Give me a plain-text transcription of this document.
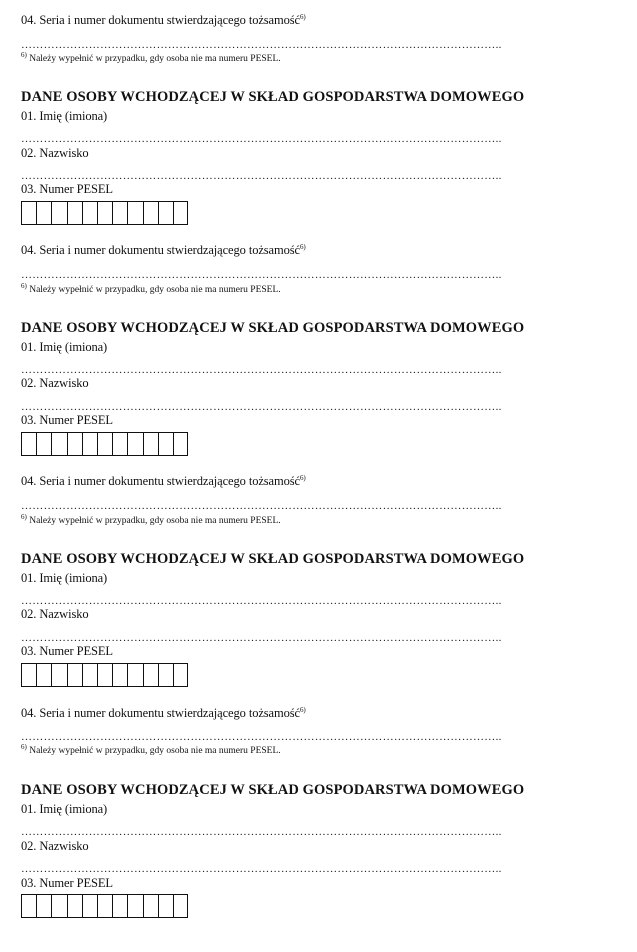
04. Seria i numer dokumentu stwierdzającego tożsamość$^{6)}$
………………………………………………………………………………………………………………..
$^{6)}$ Należy wypełnić w przypadku, gdy osoba nie ma numeru PESEL.
DANE OSOBY WCHODZĄCEJ W SKŁAD GOSPODARSTWA DOMOWEGO
01. Imię (imiona)
………………………………………………………………………………………………………………..
02. Nazwisko
………………………………………………………………………………………………………………..
03. Numer PESEL
04. Seria i numer dokumentu stwierdzającego tożsamość$^{6)}$
………………………………………………………………………………………………………………..
$^{6)}$ Należy wypełnić w przypadku, gdy osoba nie ma numeru PESEL.
DANE OSOBY WCHODZĄCEJ W SKŁAD GOSPODARSTWA DOMOWEGO
01. Imię (imiona)
………………………………………………………………………………………………………………..
02. Nazwisko
………………………………………………………………………………………………………………..
03. Numer PESEL
04. Seria i numer dokumentu stwierdzającego tożsamość$^{6)}$
………………………………………………………………………………………………………………..
$^{6)}$ Należy wypełnić w przypadku, gdy osoba nie ma numeru PESEL.
DANE OSOBY WCHODZĄCEJ W SKŁAD GOSPODARSTWA DOMOWEGO
01. Imię (imiona)
………………………………………………………………………………………………………………..
02. Nazwisko
………………………………………………………………………………………………………………..
03. Numer PESEL
04. Seria i numer dokumentu stwierdzającego tożsamość$^{6)}$
………………………………………………………………………………………………………………..
$^{6)}$ Należy wypełnić w przypadku, gdy osoba nie ma numeru PESEL.
DANE OSOBY WCHODZĄCEJ W SKŁAD GOSPODARSTWA DOMOWEGO
01. Imię (imiona)
………………………………………………………………………………………………………………..
02. Nazwisko
………………………………………………………………………………………………………………..
03. Numer PESEL
